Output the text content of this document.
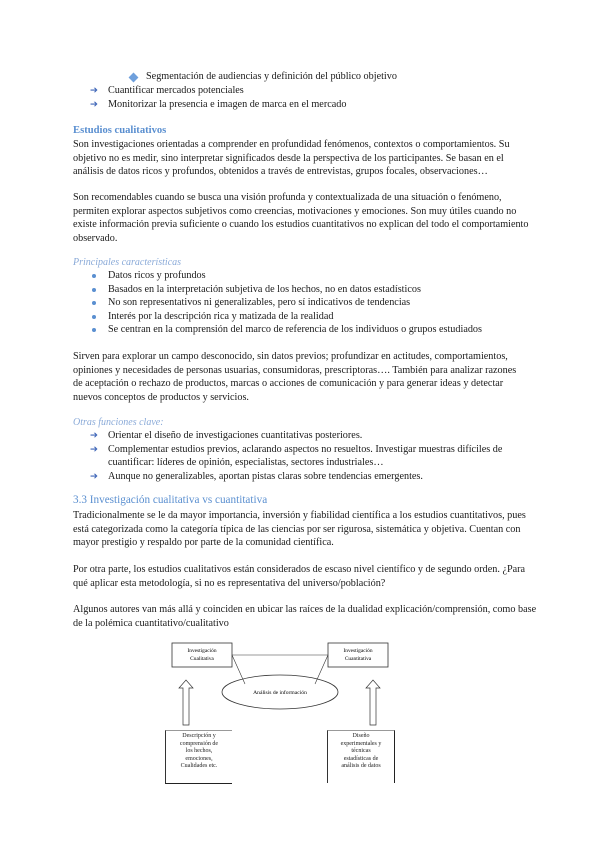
Segmentación de audiencias y definición del público objetivo

➔ Cuantificar mercados potenciales
➔ Monitorizar la presencia e imagen de marca en el mercado

Estudios cualitativos

Son investigaciones orientadas a comprender en profundidad fenómenos, contextos o comportamientos. Su objetivo no es medir, sino interpretar significados desde la perspectiva de los participantes. Se basan en el análisis de datos ricos y profundos, obtenidos a través de entrevistas, grupos focales, observaciones…

Son recomendables cuando se busca una visión profunda y contextualizada de una situación o fenómeno, permiten explorar aspectos subjetivos como creencias, motivaciones y emociones. Son muy útiles cuando no existe información previa suficiente o cuando los estudios cuantitativos no explican del todo el comportamiento observado.

Principales características

Datos ricos y profundos
Basados en la interpretación subjetiva de los hechos, no en datos estadísticos
No son representativos ni generalizables, pero sí indicativos de tendencias
Interés por la descripción rica y matizada de la realidad
Se centran en la comprensión del marco de referencia de los individuos o grupos estudiados

Sirven para explorar un campo desconocido, sin datos previos; profundizar en actitudes, comportamientos, opiniones y necesidades de personas usuarias, consumidoras, prescriptoras…. También para analizar razones de aceptación o rechazo de productos, marcas o acciones de comunicación y para generar ideas y detectar nuevos conceptos de productos y servicios.

Otras funciones clave:

➔ Orientar el diseño de investigaciones cuantitativas posteriores.
➔ Complementar estudios previos, aclarando aspectos no resueltos. Investigar muestras difíciles de cuantificar: líderes de opinión, especialistas, sectores industriales…
➔ Aunque no generalizables, aportan pistas claras sobre tendencias emergentes.

3.3 Investigación cualitativa vs cuantitativa

Tradicionalmente se le da mayor importancia, inversión y fiabilidad científica a los estudios cuantitativos, pues está categorizada como la categoría típica de las ciencias por ser rigurosa, sistemática y objetiva. Cuentan con mayor prestigio y respaldo por parte de la comunidad científica.

Por otra parte, los estudios cualitativos están considerados de escaso nivel científico y de segundo orden. ¿Para qué aplicar esta metodología, si no es representativa del universo/población?

Algunos autores van más allá y coinciden en ubicar las raíces de la dualidad explicación/comprensión, como base de la polémica cuantitativo/cualitativo

Investigación
Cualitativa
Investigación
Cuantitativa
Análisis de información
Descripción y
comprensión de
los hechos,
emociones,
Cualidades etc.
Diseño
experimentales y
técnicas
estadísticas de
análisis de datos
